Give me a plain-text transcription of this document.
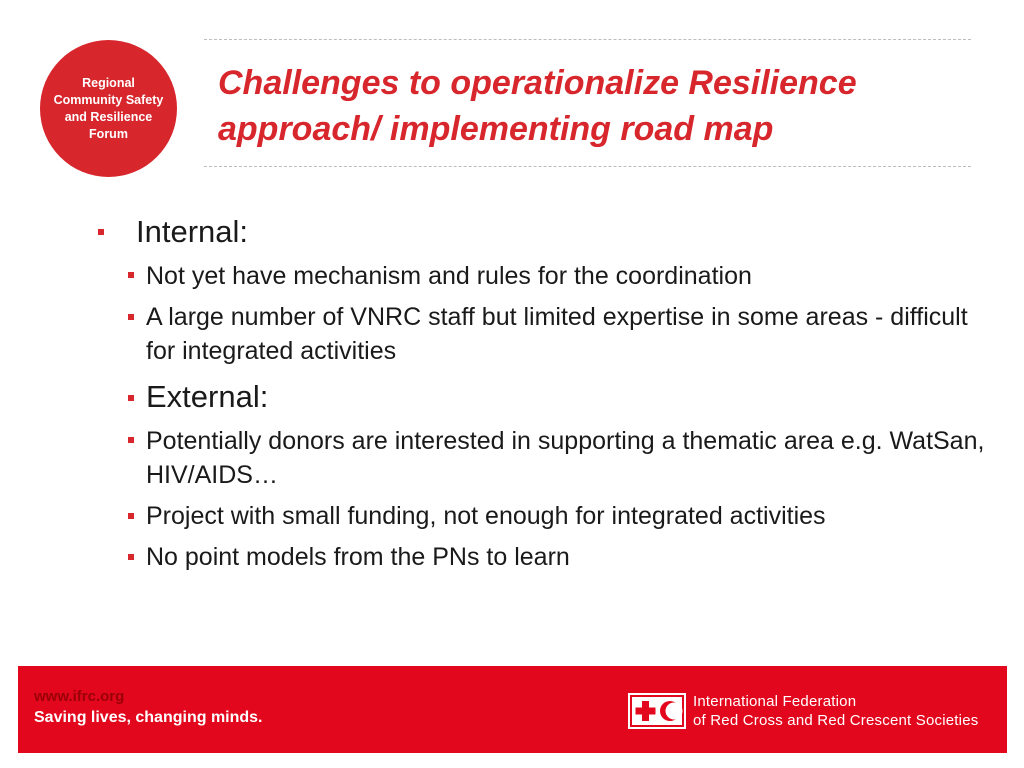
Regional
Community Safety
and Resilience
Forum
Challenges to operationalize Resilience
approach/ implementing road map
Internal:
Not yet have mechanism and rules for the coordination
A large number of VNRC staff but limited expertise in some areas - difficult for integrated activities
External:
Potentially donors are interested in supporting a thematic area e.g. WatSan, HIV/AIDS…
Project with small funding, not enough for integrated activities
No point models from the PNs to learn
www.ifrc.org
Saving lives, changing minds.
International Federation
of Red Cross and Red Crescent Societies
